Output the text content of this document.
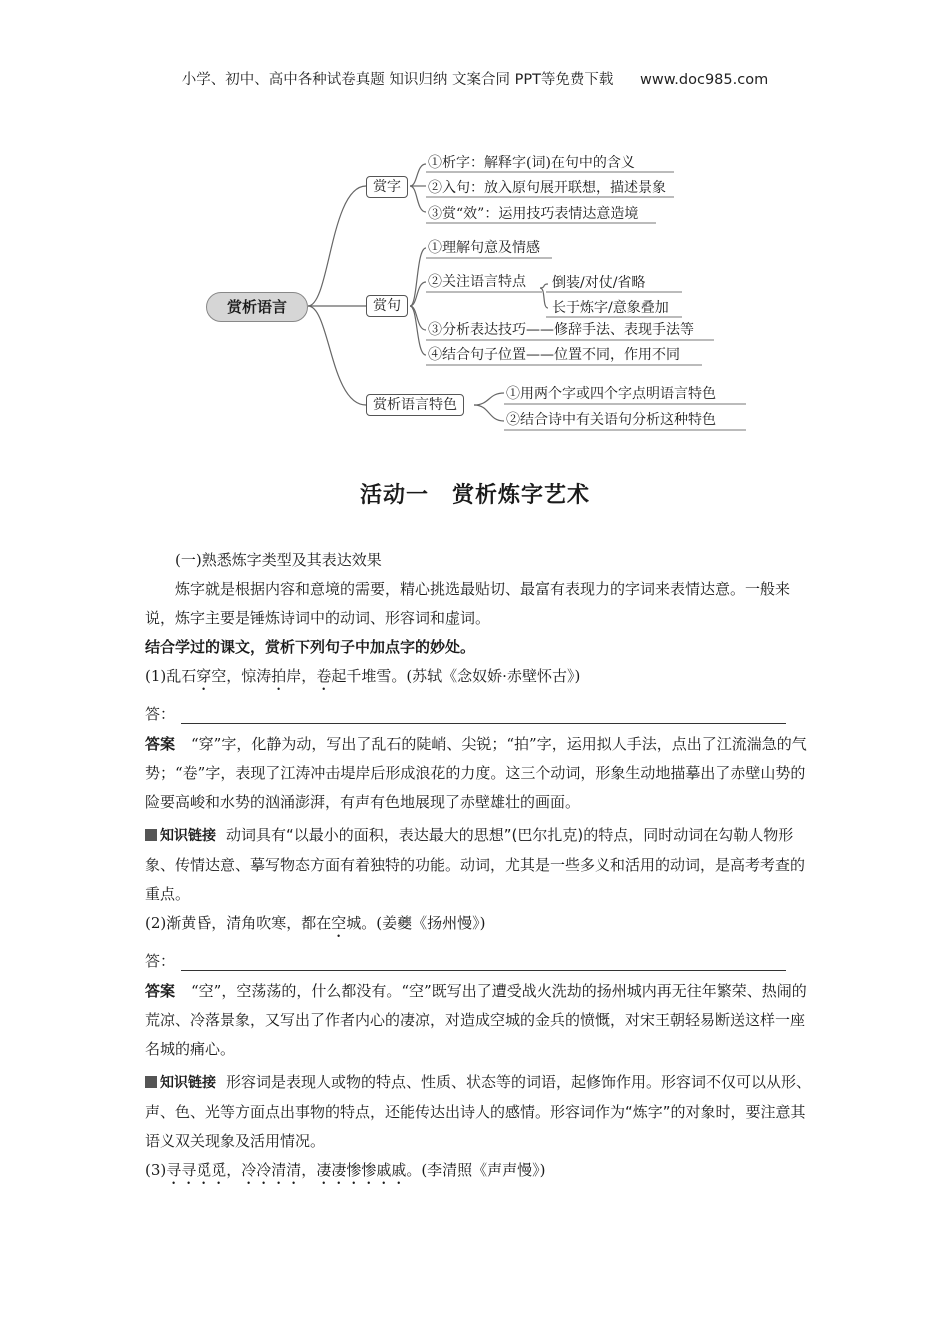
小学、初中、高中各种试卷真题 知识归纳 文案合同 PPT等免费下载 www.doc985.com
赏析语言
赏字
①析字：解释字(词)在句中的含义
②入句：放入原句展开联想，描述景象
③赏“效”：运用技巧表情达意造境
赏句
①理解句意及情感
②关注语言特点 倒装/对仗/省略
长于炼字/意象叠加
③分析表达技巧——修辞手法、表现手法等
④结合句子位置——位置不同，作用不同
赏析语言特色
①用两个字或四个字点明语言特色
②结合诗中有关语句分析这种特色
活动一　赏析炼字艺术

(一)熟悉炼字类型及其表达效果

炼字就是根据内容和意境的需要，精心挑选最贴切、最富有表现力的字词来表情达意。一般来说，炼字主要是锤炼诗词中的动词、形容词和虚词。

结合学过的课文，赏析下列句子中加点字的妙处。

(1)乱石穿空，惊涛拍岸，卷起千堆雪。(苏轼《念奴娇·赤壁怀古》)

答：

答案 “穿”字，化静为动，写出了乱石的陡峭、尖锐；“拍”字，运用拟人手法，点出了江流湍急的气势；“卷”字，表现了江涛冲击堤岸后形成浪花的力度。这三个动词，形象生动地描摹出了赤壁山势的险要高峻和水势的汹涌澎湃，有声有色地展现了赤壁雄壮的画面。

知识链接 动词具有“以最小的面积，表达最大的思想”(巴尔扎克)的特点，同时动词在勾勒人物形象、传情达意、摹写物态方面有着独特的功能。动词，尤其是一些多义和活用的动词，是高考考查的重点。

(2)渐黄昏，清角吹寒，都在空城。(姜夔《扬州慢》)

答：

答案 “空”，空荡荡的，什么都没有。“空”既写出了遭受战火洗劫的扬州城内再无往年繁荣、热闹的荒凉、冷落景象，又写出了作者内心的凄凉，对造成空城的金兵的愤慨，对宋王朝轻易断送这样一座名城的痛心。

知识链接 形容词是表现人或物的特点、性质、状态等的词语，起修饰作用。形容词不仅可以从形、声、色、光等方面点出事物的特点，还能传达出诗人的感情。形容词作为“炼字”的对象时，要注意其语义双关现象及活用情况。

(3)寻寻觅觅，冷冷清清，凄凄惨惨戚戚。(李清照《声声慢》)
